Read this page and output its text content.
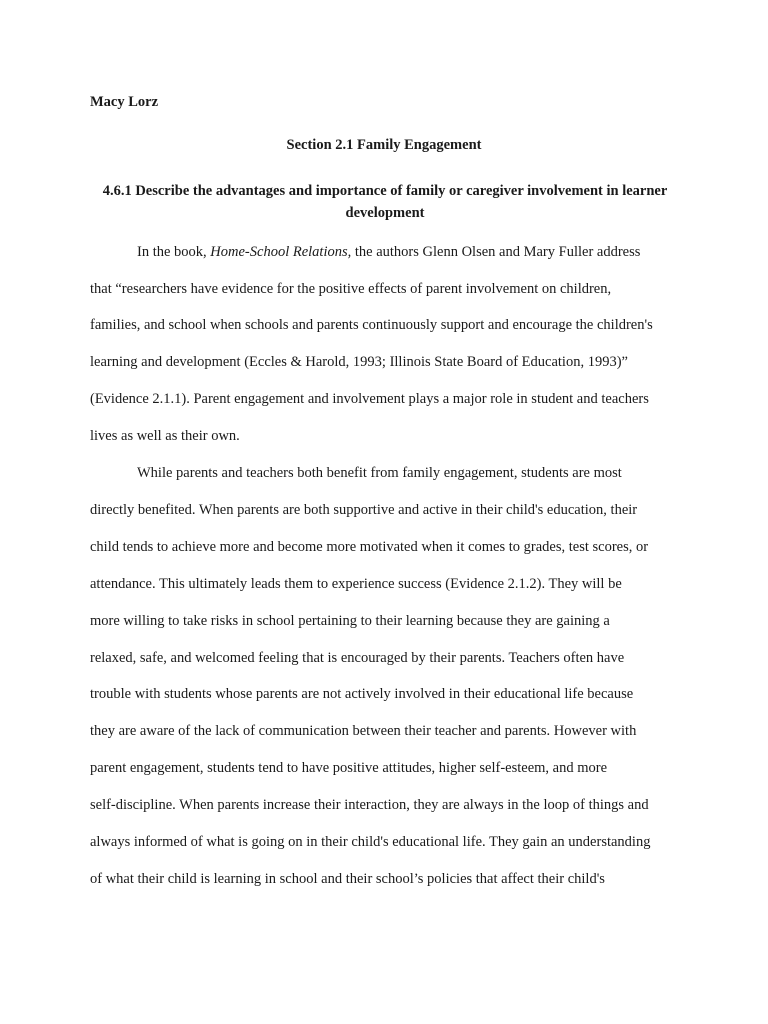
Macy Lorz
Section 2.1 Family Engagement
4.6.1 Describe the advantages and importance of family or caregiver involvement in learner development
In the book, Home-School Relations, the authors Glenn Olsen and Mary Fuller address
that “researchers have evidence for the positive effects of parent involvement on children,
families, and school when schools and parents continuously support and encourage the children's
learning and development (Eccles & Harold, 1993; Illinois State Board of Education, 1993)”
(Evidence 2.1.1). Parent engagement and involvement plays a major role in student and teachers
lives as well as their own.
While parents and teachers both benefit from family engagement, students are most
directly benefited. When parents are both supportive and active in their child's education, their
child tends to achieve more and become more motivated when it comes to grades, test scores, or
attendance. This ultimately leads them to experience success (Evidence 2.1.2). They will be
more willing to take risks in school pertaining to their learning because they are gaining a
relaxed, safe, and welcomed feeling that is encouraged by their parents. Teachers often have
trouble with students whose parents are not actively involved in their educational life because
they are aware of the lack of communication between their teacher and parents. However with
parent engagement, students tend to have positive attitudes, higher self-esteem, and more
self-discipline. When parents increase their interaction, they are always in the loop of things and
always informed of what is going on in their child's educational life. They gain an understanding
of what their child is learning in school and their school’s policies that affect their child's
